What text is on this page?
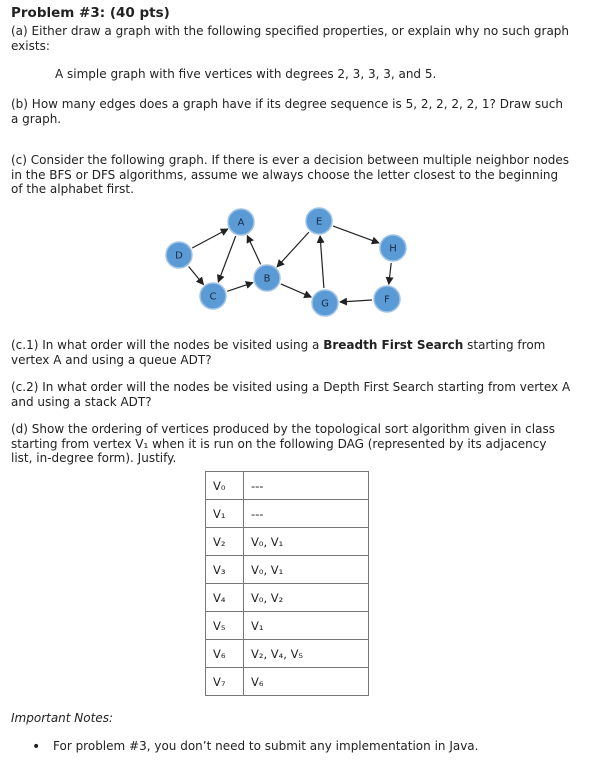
Problem #3: (40 pts)

(a) Either draw a graph with the following specified properties, or explain why no such graph exists:

A simple graph with five vertices with degrees 2, 3, 3, 3, and 5.

(b) How many edges does a graph have if its degree sequence is 5, 2, 2, 2, 2, 1? Draw such a graph.

(c) Consider the following graph. If there is ever a decision between multiple neighbor nodes in the BFS or DFS algorithms, assume we always choose the letter closest to the beginning of the alphabet first.

A
B
C
D
E
F
G
H

(c.1) In what order will the nodes be visited using a Breadth First Search starting from vertex A and using a queue ADT?

(c.2) In what order will the nodes be visited using a Depth First Search starting from vertex A and using a stack ADT?

(d) Show the ordering of vertices produced by the topological sort algorithm given in class starting from vertex V₁ when it is run on the following DAG (represented by its adjacency list, in-degree form). Justify.

V₀	---
V₁	---
V₂	V₀, V₁
V₃	V₀, V₁
V₄	V₀, V₂
V₅	V₁
V₆	V₂, V₄, V₅
V₇	V₆
Important Notes:
• For problem #3, you don’t need to submit any implementation in Java.
